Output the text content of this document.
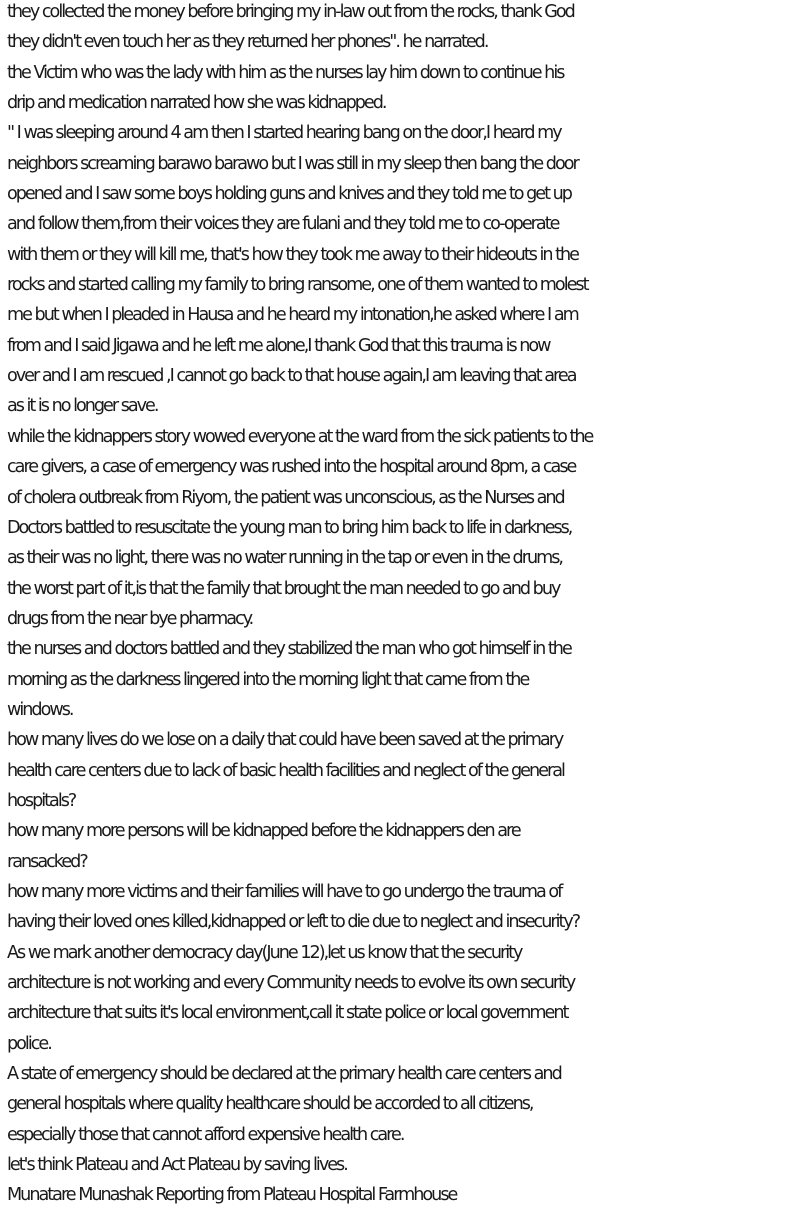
they collected the money before bringing my in-law out from the rocks, thank God
they didn't even touch her as they returned her phones". he narrated.
the Victim who was the lady with him as the nurses lay him down to continue his
drip and medication narrated how she was kidnapped.
" I was sleeping around 4 am then I started hearing bang on the door,I heard my
neighbors screaming barawo barawo but I was still in my sleep then bang the door
opened and I saw some boys holding guns and knives and they told me to get up
and follow them,from their voices they are fulani and they told me to co-operate
with them or they will kill me, that's how they took me away to their hideouts in the
rocks and started calling my family to bring ransome, one of them wanted to molest
me but when I pleaded in Hausa and he heard my intonation,he asked where I am
from and I said Jigawa and he left me alone,I thank God that this trauma is now
over and I am rescued ,I cannot go back to that house again,I am leaving that area
as it is no longer save.
while the kidnappers story wowed everyone at the ward from the sick patients to the
care givers, a case of emergency was rushed into the hospital around 8pm, a case
of cholera outbreak from Riyom, the patient was unconscious, as the Nurses and
Doctors battled to resuscitate the young man to bring him back to life in darkness,
as their was no light, there was no water running in the tap or even in the drums,
the worst part of it,is that the family that brought the man needed to go and buy
drugs from the near bye pharmacy.
the nurses and doctors battled and they stabilized the man who got himself in the
morning as the darkness lingered into the morning light that came from the
windows.
how many lives do we lose on a daily that could have been saved at the primary
health care centers due to lack of basic health facilities and neglect of the general
hospitals?
how many more persons will be kidnapped before the kidnappers den are
ransacked?
how many more victims and their families will have to go undergo the trauma of
having their loved ones killed,kidnapped or left to die due to neglect and insecurity?
As we mark another democracy day(June 12),let us know that the security
architecture is not working and every Community needs to evolve its own security
architecture that suits it's local environment,call it state police or local government
police.
A state of emergency should be declared at the primary health care centers and
general hospitals where quality healthcare should be accorded to all citizens,
especially those that cannot afford expensive health care.
let's think Plateau and Act Plateau by saving lives.
Munatare Munashak Reporting from Plateau Hospital Farmhouse
